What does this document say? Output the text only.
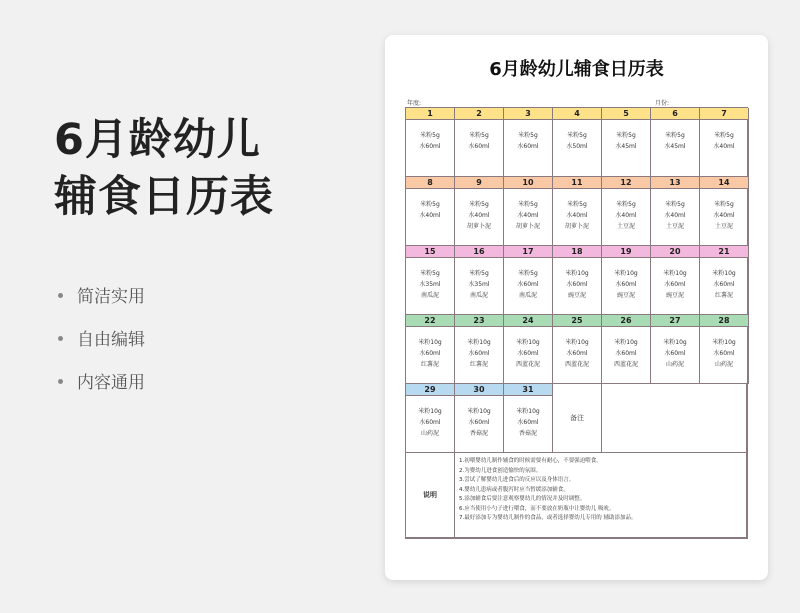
6月龄幼儿
辅食日历表
简洁实用
自由编辑
内容通用
6月龄幼儿辅食日历表
年度:	月份:
1
米粉5g
水60ml
2
米粉5g
水60ml
3
米粉5g
水60ml
4
米粉5g
水50ml
5
米粉5g
水45ml
6
米粉5g
水45ml
7
米粉5g
水40ml
8
米粉5g
水40ml
9
米粉5g
水40ml
胡萝卜泥
10
米粉5g
水40ml
胡萝卜泥
11
米粉5g
水40ml
胡萝卜泥
12
米粉5g
水40ml
土豆泥
13
米粉5g
水40ml
土豆泥
14
米粉5g
水40ml
土豆泥
15
米粉5g
水35ml
南瓜泥
16
米粉5g
水35ml
南瓜泥
17
米粉5g
水60ml
南瓜泥
18
米粉10g
水60ml
豌豆泥
19
米粉10g
水60ml
豌豆泥
20
米粉10g
水60ml
豌豆泥
21
米粉10g
水60ml
红薯泥
22
米粉10g
水60ml
红薯泥
23
米粉10g
水60ml
红薯泥
24
米粉10g
水60ml
西蓝花泥
25
米粉10g
水60ml
西蓝花泥
26
米粉10g
水60ml
西蓝花泥
27
米粉10g
水60ml
山药泥
28
米粉10g
水60ml
山药泥
29
米粉10g
水60ml
山药泥
30
米粉10g
水60ml
香菇泥
31
米粉10g
水60ml
香菇泥
备注
说明
1.初喂婴幼儿制作辅食的时候需要有耐心，不要强迫喂食。
2.为婴幼儿进食创造愉快的氛围。
3.尝试了解婴幼儿进食后的反应以及身体语言。
4.婴幼儿患病或者腹泻时应当暂缓添加辅食。
5.添加辅食后要注意观察婴幼儿的情况并及时调整。
6.应当使用小勺子进行喂食，而不要放在奶瓶中让婴幼儿 吸吮。
7.最好添加专为婴幼儿制作的食品，或者选择婴幼儿专用的 辅助添加品。
